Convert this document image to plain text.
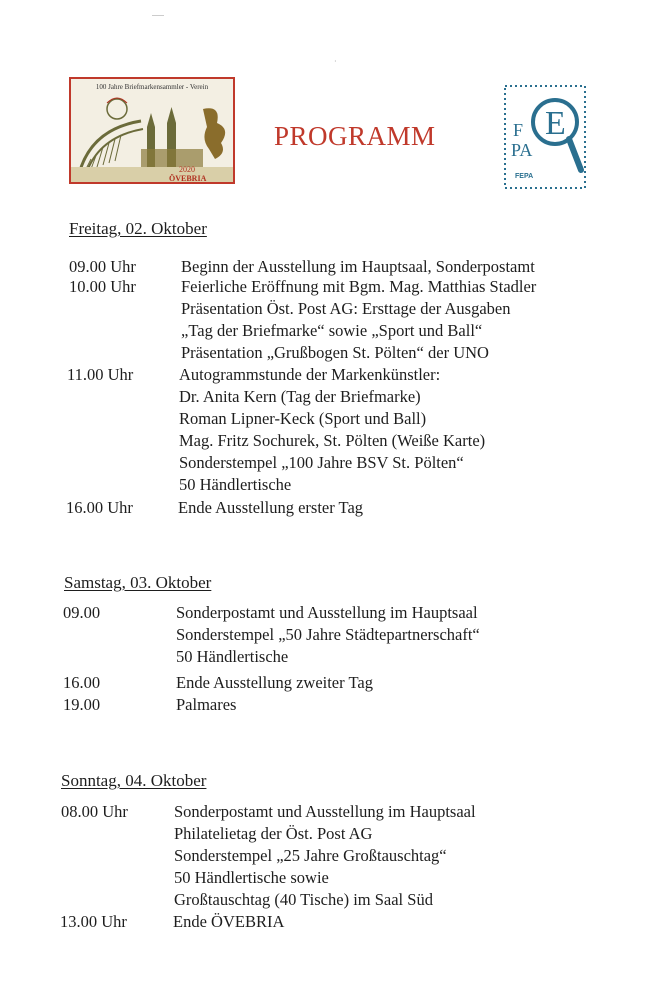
·
100 Jahre Briefmarkensammler - Verein
2020
ÖVEBRIA
PROGRAMM	E
F
PA
FEPA
Freitag, 02. Oktober
09.00 Uhr	Beginn der Ausstellung im Hauptsaal, Sonderpostamt
10.00 Uhr	Feierliche Eröffnung mit Bgm. Mag. Matthias Stadler
Präsentation Öst. Post AG: Ersttage der Ausgaben
„Tag der Briefmarke“ sowie „Sport und Ball“
Präsentation „Grußbogen St. Pölten“ der UNO
11.00 Uhr	Autogrammstunde der Markenkünstler:
Dr. Anita Kern (Tag der Briefmarke)
Roman Lipner-Keck (Sport und Ball)
Mag. Fritz Sochurek, St. Pölten (Weiße Karte)
Sonderstempel „100 Jahre BSV St. Pölten“
50 Händlertische
16.00 Uhr	Ende Ausstellung erster Tag
Samstag, 03. Oktober
09.00	Sonderpostamt und Ausstellung im Hauptsaal
Sonderstempel „50 Jahre Städtepartnerschaft“
50 Händlertische
16.00	Ende Ausstellung zweiter Tag
19.00	Palmares
Sonntag, 04. Oktober
08.00 Uhr	Sonderpostamt und Ausstellung im Hauptsaal
Philatelietag der Öst. Post AG
Sonderstempel „25 Jahre Großtauschtag“
50 Händlertische sowie
Großtauschtag (40 Tische) im Saal Süd
13.00 Uhr	Ende ÖVEBRIA
